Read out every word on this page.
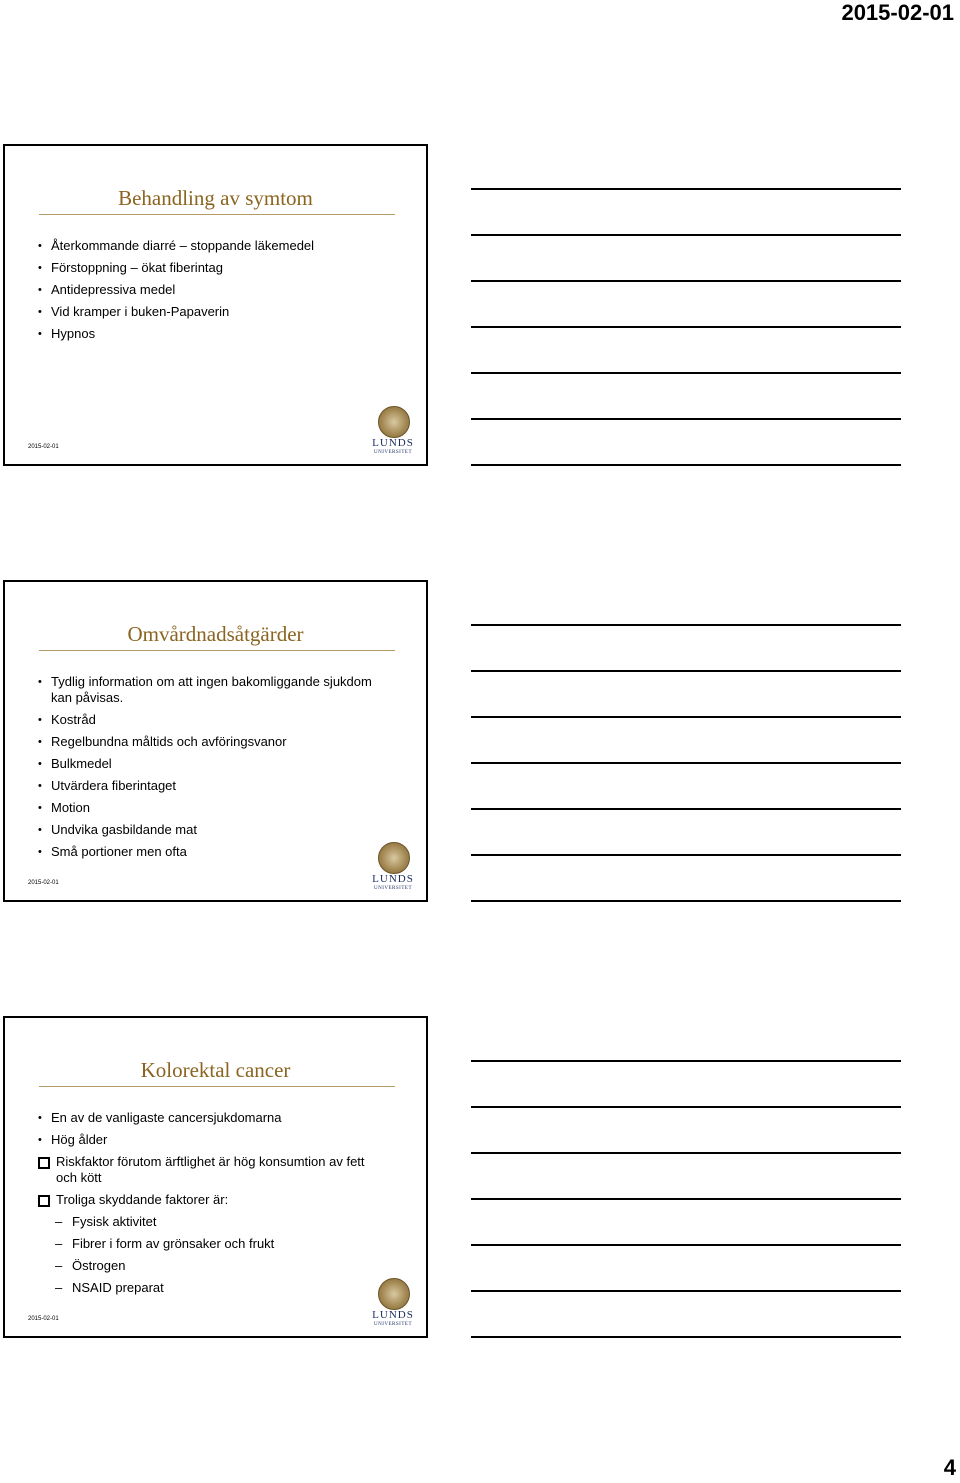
2015-02-01
Behandling av symtom
• Återkommande diarré – stoppande läkemedel
• Förstoppning – ökat fiberintag
• Antidepressiva medel
• Vid kramper i buken-Papaverin
• Hypnos
2015-02-01	LUNDS
UNIVERSITET
Omvårdnadsåtgärder
• Tydlig information om att ingen bakomliggande sjukdom kan påvisas.
• Kostråd
• Regelbundna måltids och avföringsvanor
• Bulkmedel
• Utvärdera fiberintaget
• Motion
• Undvika gasbildande mat
• Små portioner men ofta
2015-02-01	LUNDS
UNIVERSITET
Kolorektal cancer
• En av de vanligaste cancersjukdomarna
• Hög ålder
Riskfaktor förutom ärftlighet är hög konsumtion av fett och kött
Troliga skyddande faktorer är:
– Fysisk aktivitet
– Fibrer i form av grönsaker och frukt
– Östrogen
– NSAID preparat
2015-02-01	LUNDS
UNIVERSITET
4
